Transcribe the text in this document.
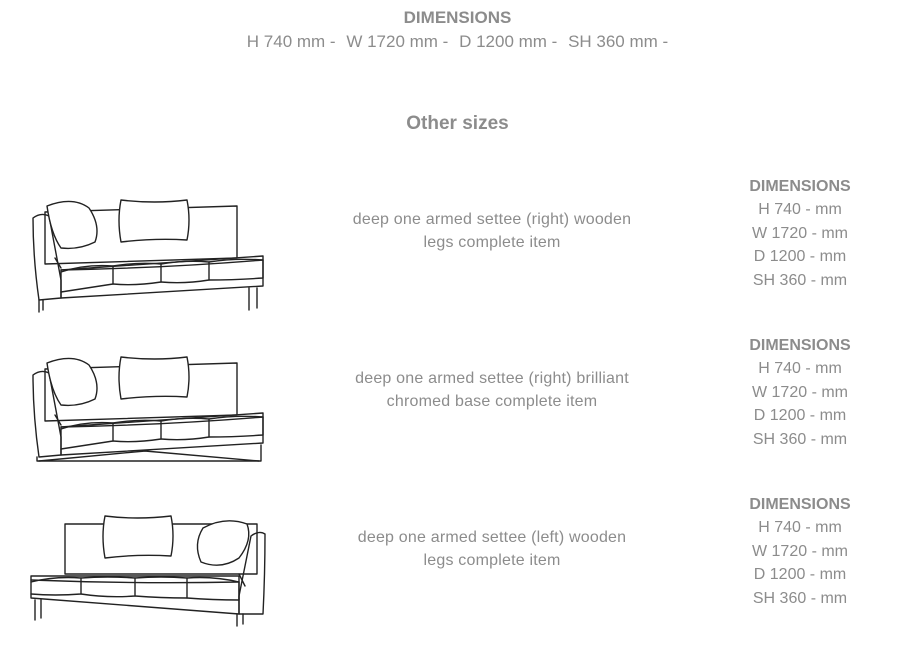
DIMENSIONS
H 740 mm - W 1720 mm - D 1200 mm - SH 360 mm -
Other sizes
deep one armed settee (right) wooden
legs complete item
DIMENSIONS
H 740 - mm
W 1720 - mm
D 1200 - mm
SH 360 - mm
deep one armed settee (right) brilliant
chromed base complete item
DIMENSIONS
H 740 - mm
W 1720 - mm
D 1200 - mm
SH 360 - mm
deep one armed settee (left) wooden
legs complete item
DIMENSIONS
H 740 - mm
W 1720 - mm
D 1200 - mm
SH 360 - mm
